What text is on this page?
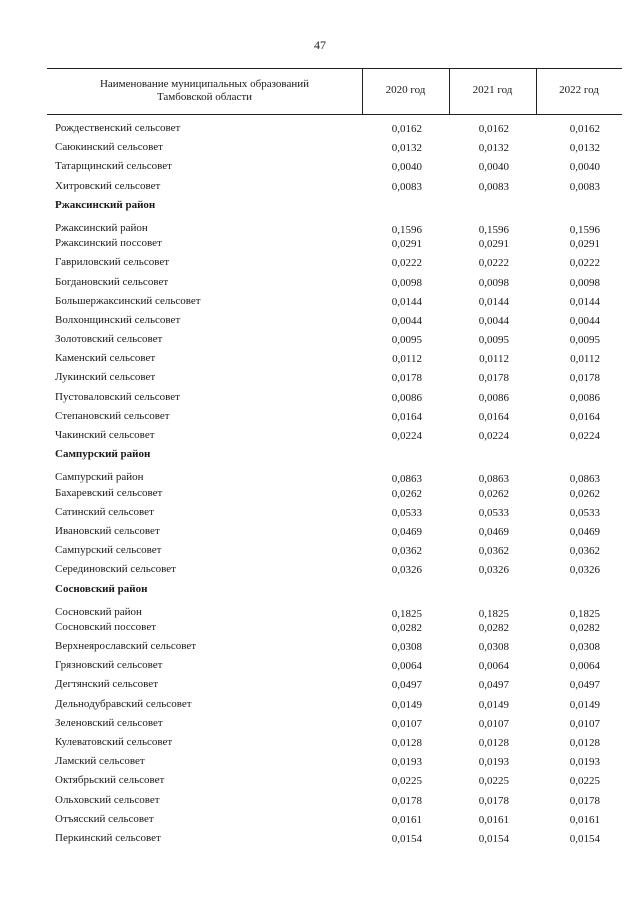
47
Наименование муниципальных образований
Тамбовской области
2020 год	2021 год	2022 год
Рождественский сельсовет	0,0162	0,0162	0,0162
Саюкинский сельсовет	0,0132	0,0132	0,0132
Татарщинский сельсовет	0,0040	0,0040	0,0040
Хитровский сельсовет	0,0083	0,0083	0,0083
Ржаксинский район
Ржаксинский район	0,1596	0,1596	0,1596
Ржаксинский поссовет	0,0291	0,0291	0,0291
Гавриловский сельсовет	0,0222	0,0222	0,0222
Богдановский сельсовет	0,0098	0,0098	0,0098
Большержаксинский сельсовет	0,0144	0,0144	0,0144
Волхонщинский сельсовет	0,0044	0,0044	0,0044
Золотовский сельсовет	0,0095	0,0095	0,0095
Каменский сельсовет	0,0112	0,0112	0,0112
Лукинский сельсовет	0,0178	0,0178	0,0178
Пустоваловский сельсовет	0,0086	0,0086	0,0086
Степановский сельсовет	0,0164	0,0164	0,0164
Чакинский сельсовет	0,0224	0,0224	0,0224
Сампурский район
Сампурский район	0,0863	0,0863	0,0863
Бахаревский сельсовет	0,0262	0,0262	0,0262
Сатинский сельсовет	0,0533	0,0533	0,0533
Ивановский сельсовет	0,0469	0,0469	0,0469
Сампурский сельсовет	0,0362	0,0362	0,0362
Серединовский сельсовет	0,0326	0,0326	0,0326
Сосновский район
Сосновский район	0,1825	0,1825	0,1825
Сосновский поссовет	0,0282	0,0282	0,0282
Верхнеярославский сельсовет	0,0308	0,0308	0,0308
Грязновский сельсовет	0,0064	0,0064	0,0064
Дегтянский сельсовет	0,0497	0,0497	0,0497
Дельнодубравский сельсовет	0,0149	0,0149	0,0149
Зеленовский сельсовет	0,0107	0,0107	0,0107
Кулеватовский сельсовет	0,0128	0,0128	0,0128
Ламский сельсовет	0,0193	0,0193	0,0193
Октябрьский сельсовет	0,0225	0,0225	0,0225
Ольховский сельсовет	0,0178	0,0178	0,0178
Отъясский сельсовет	0,0161	0,0161	0,0161
Перкинский сельсовет	0,0154	0,0154	0,0154
